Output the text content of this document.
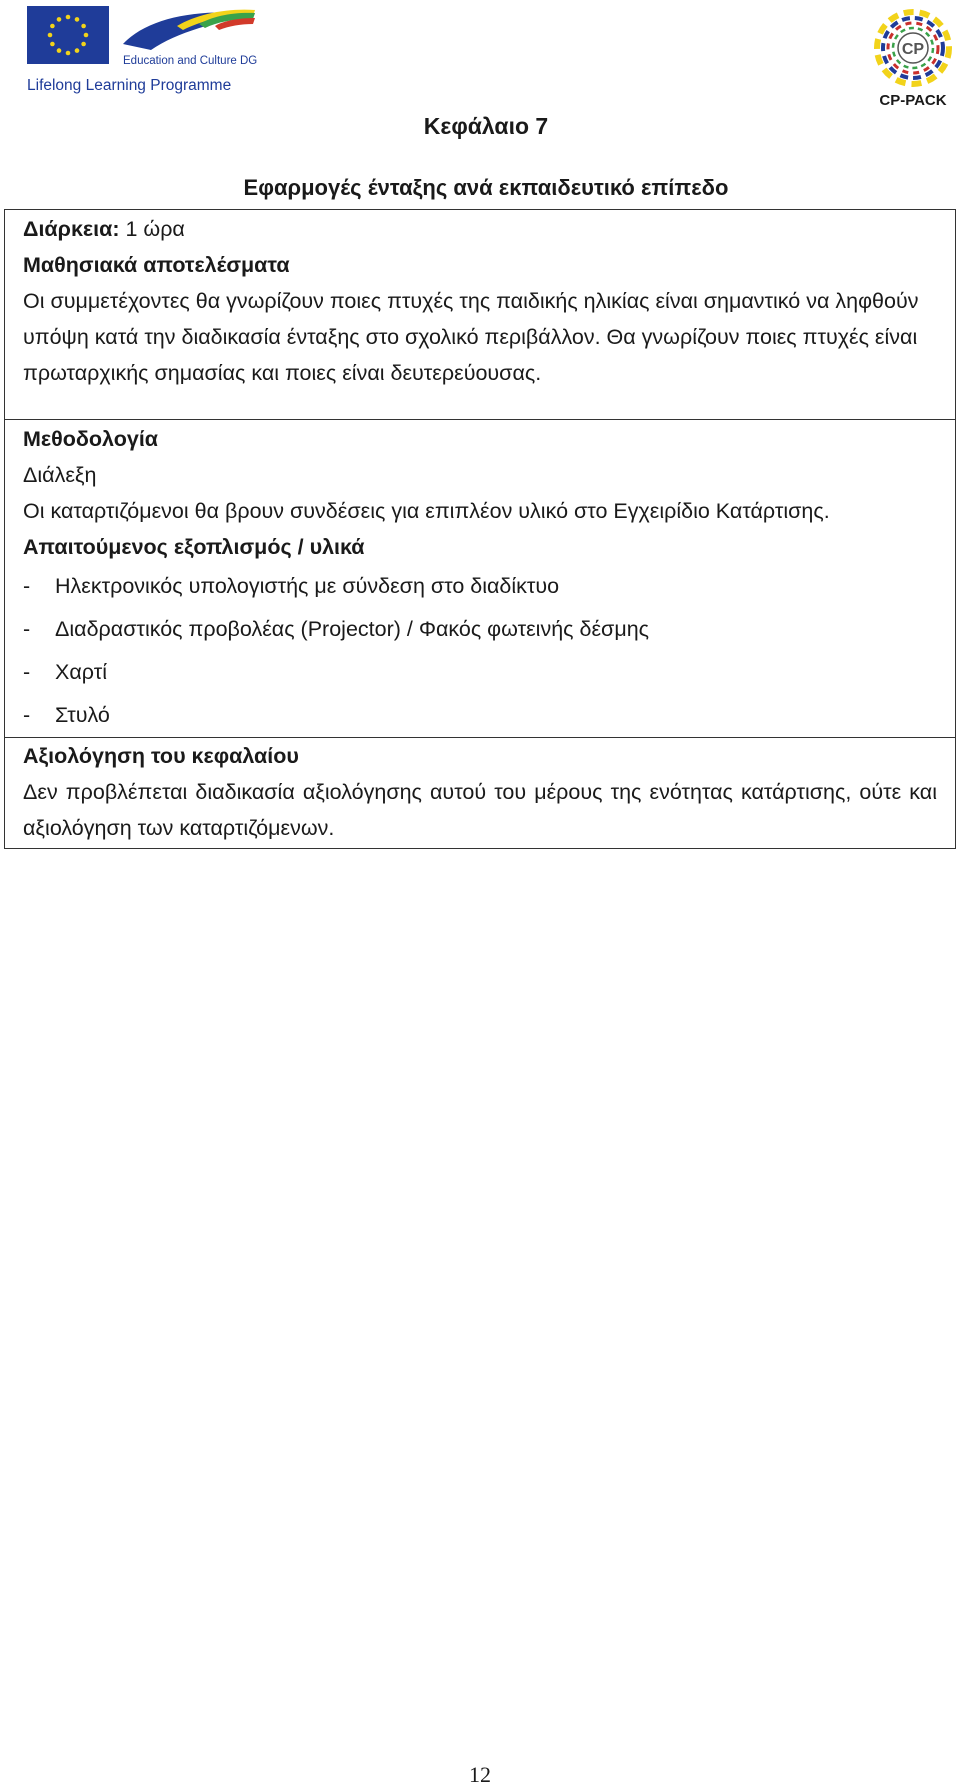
Education and Culture DG
Lifelong Learning Programme
CP
CP-PACK
Κεφάλαιο 7
Εφαρμογές ένταξης ανά εκπαιδευτικό επίπεδο
Διάρκεια: 1 ώρα
Μαθησιακά αποτελέσματα
Οι συμμετέχοντες θα γνωρίζουν ποιες πτυχές της παιδικής ηλικίας είναι σημαντικό να ληφθούν υπόψη κατά την διαδικασία ένταξης στο σχολικό περιβάλλον. Θα γνωρίζουν ποιες πτυχές είναι πρωταρχικής σημασίας και ποιες είναι δευτερεύουσας.
Μεθοδολογία
Διάλεξη
Οι καταρτιζόμενοι θα βρουν συνδέσεις για επιπλέον υλικό στο Εγχειρίδιο Κατάρτισης.
Απαιτούμενος εξοπλισμός / υλικά
- Ηλεκτρονικός υπολογιστής με σύνδεση στο διαδίκτυο
- Διαδραστικός προβολέας (Projector) / Φακός φωτεινής δέσμης
- Χαρτί
- Στυλό
Αξιολόγηση του κεφαλαίου
Δεν προβλέπεται διαδικασία αξιολόγησης αυτού του μέρους της ενότητας κατάρτισης, ούτε και αξιολόγηση των καταρτιζόμενων.
12
